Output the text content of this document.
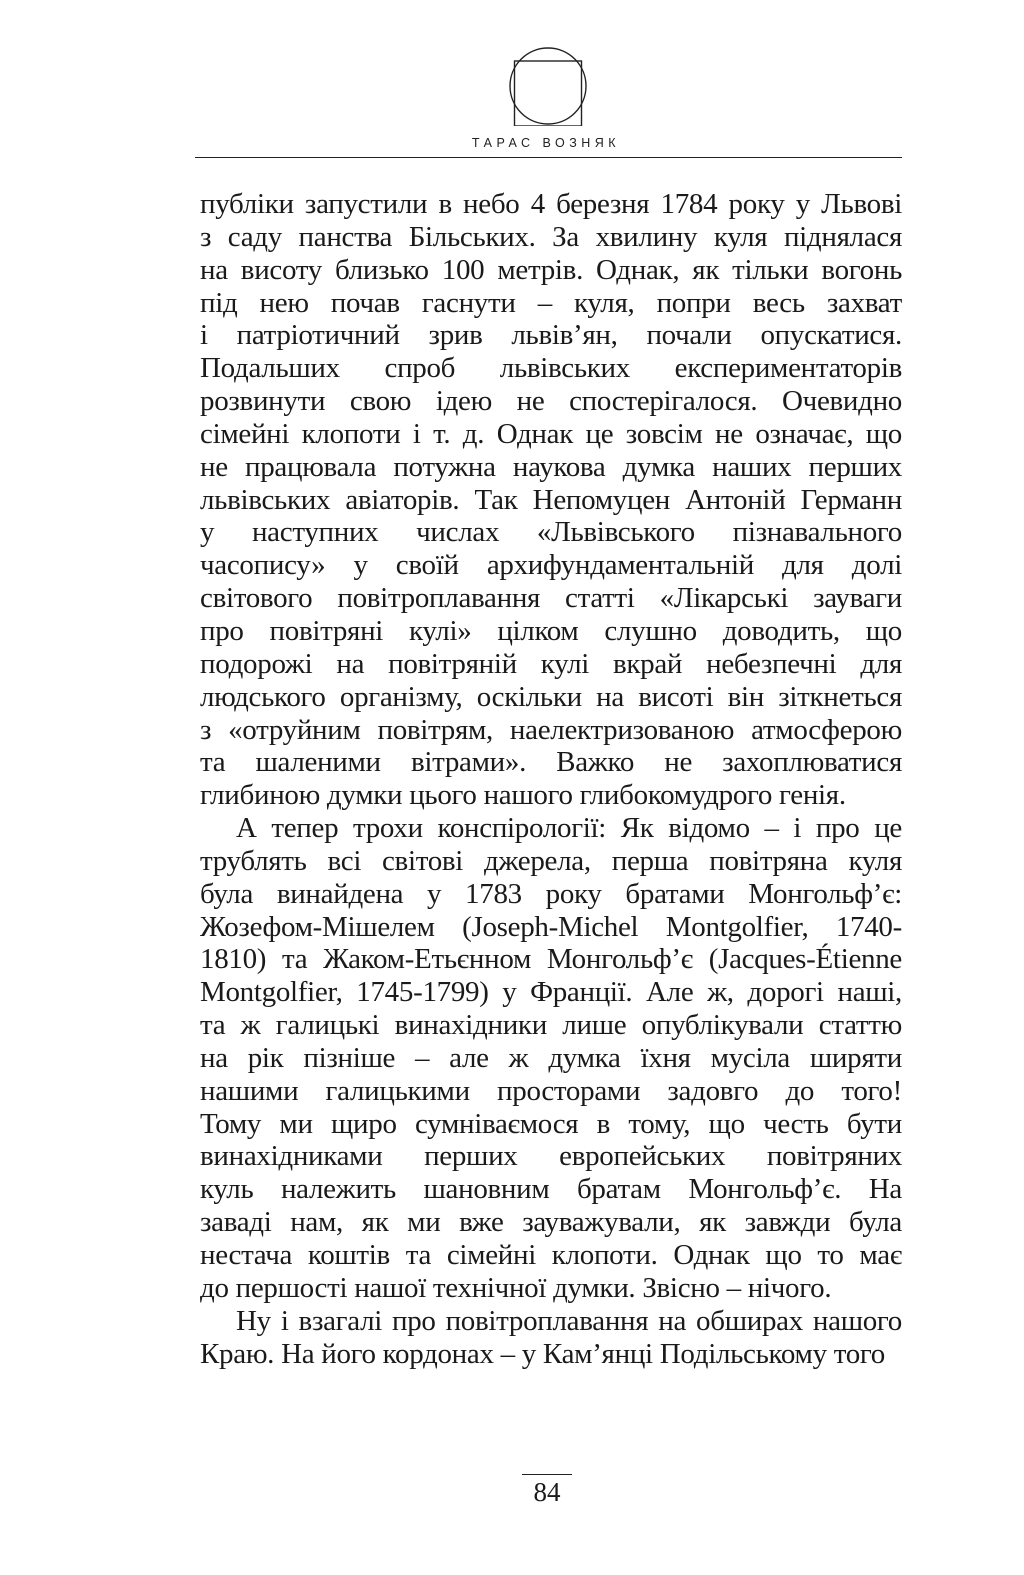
ТАРАС ВОЗНЯК
публіки запустили в небо 4 березня 1784 року у Львові
з саду панства Більських. За хвилину куля піднялася
на висоту близько 100 метрів. Однак, як тільки вогонь
під нею почав гаснути – куля, попри весь захват
і патріотичний зрив львів’ян, почали опускатися.
Подальших спроб львівських експериментаторів
розвинути свою ідею не спостерігалося. Очевидно
сімейні клопоти і т. д. Однак це зовсім не означає, що
не працювала потужна наукова думка наших перших
львівських авіаторів. Так Непомуцен Антоній Германн
у наступних числах «Львівського пізнавального
часопису» у своїй архифундаментальній для долі
світового повітроплавання статті «Лікарські зауваги
про повітряні кулі» цілком слушно доводить, що
подорожі на повітряній кулі вкрай небезпечні для
людського організму, оскільки на висоті він зіткнеться
з «отруйним повітрям, наелектризованою атмосферою
та шаленими вітрами». Важко не захоплюватися
глибиною думки цього нашого глибокомудрого генія.
А тепер трохи конспірології: Як відомо – і про це
трублять всі світові джерела, перша повітряна куля
була винайдена у 1783 року братами Монгольф’є:
Жозефом-Мішелем (Joseph-Michel Montgolfier, 1740-
1810) та Жаком-Етьєнном Монгольф’є (Jacques-Étienne
Montgolfier, 1745-1799) у Франції. Але ж, дорогі наші,
та ж галицькі винахідники лише опублікували статтю
на рік пізніше – але ж думка їхня мусіла ширяти
нашими галицькими просторами задовго до того!
Тому ми щиро сумніваємося в тому, що честь бути
винахідниками перших европейських повітряних
куль належить шановним братам Монгольф’є. На
заваді нам, як ми вже зауважували, як завжди була
нестача коштів та сімейні клопоти. Однак що то має
до першості нашої технічної думки. Звісно – нічого.
Ну і взагалі про повітроплавання на обширах нашого
Краю. На його кордонах – у Кам’янці Подільському того
84
